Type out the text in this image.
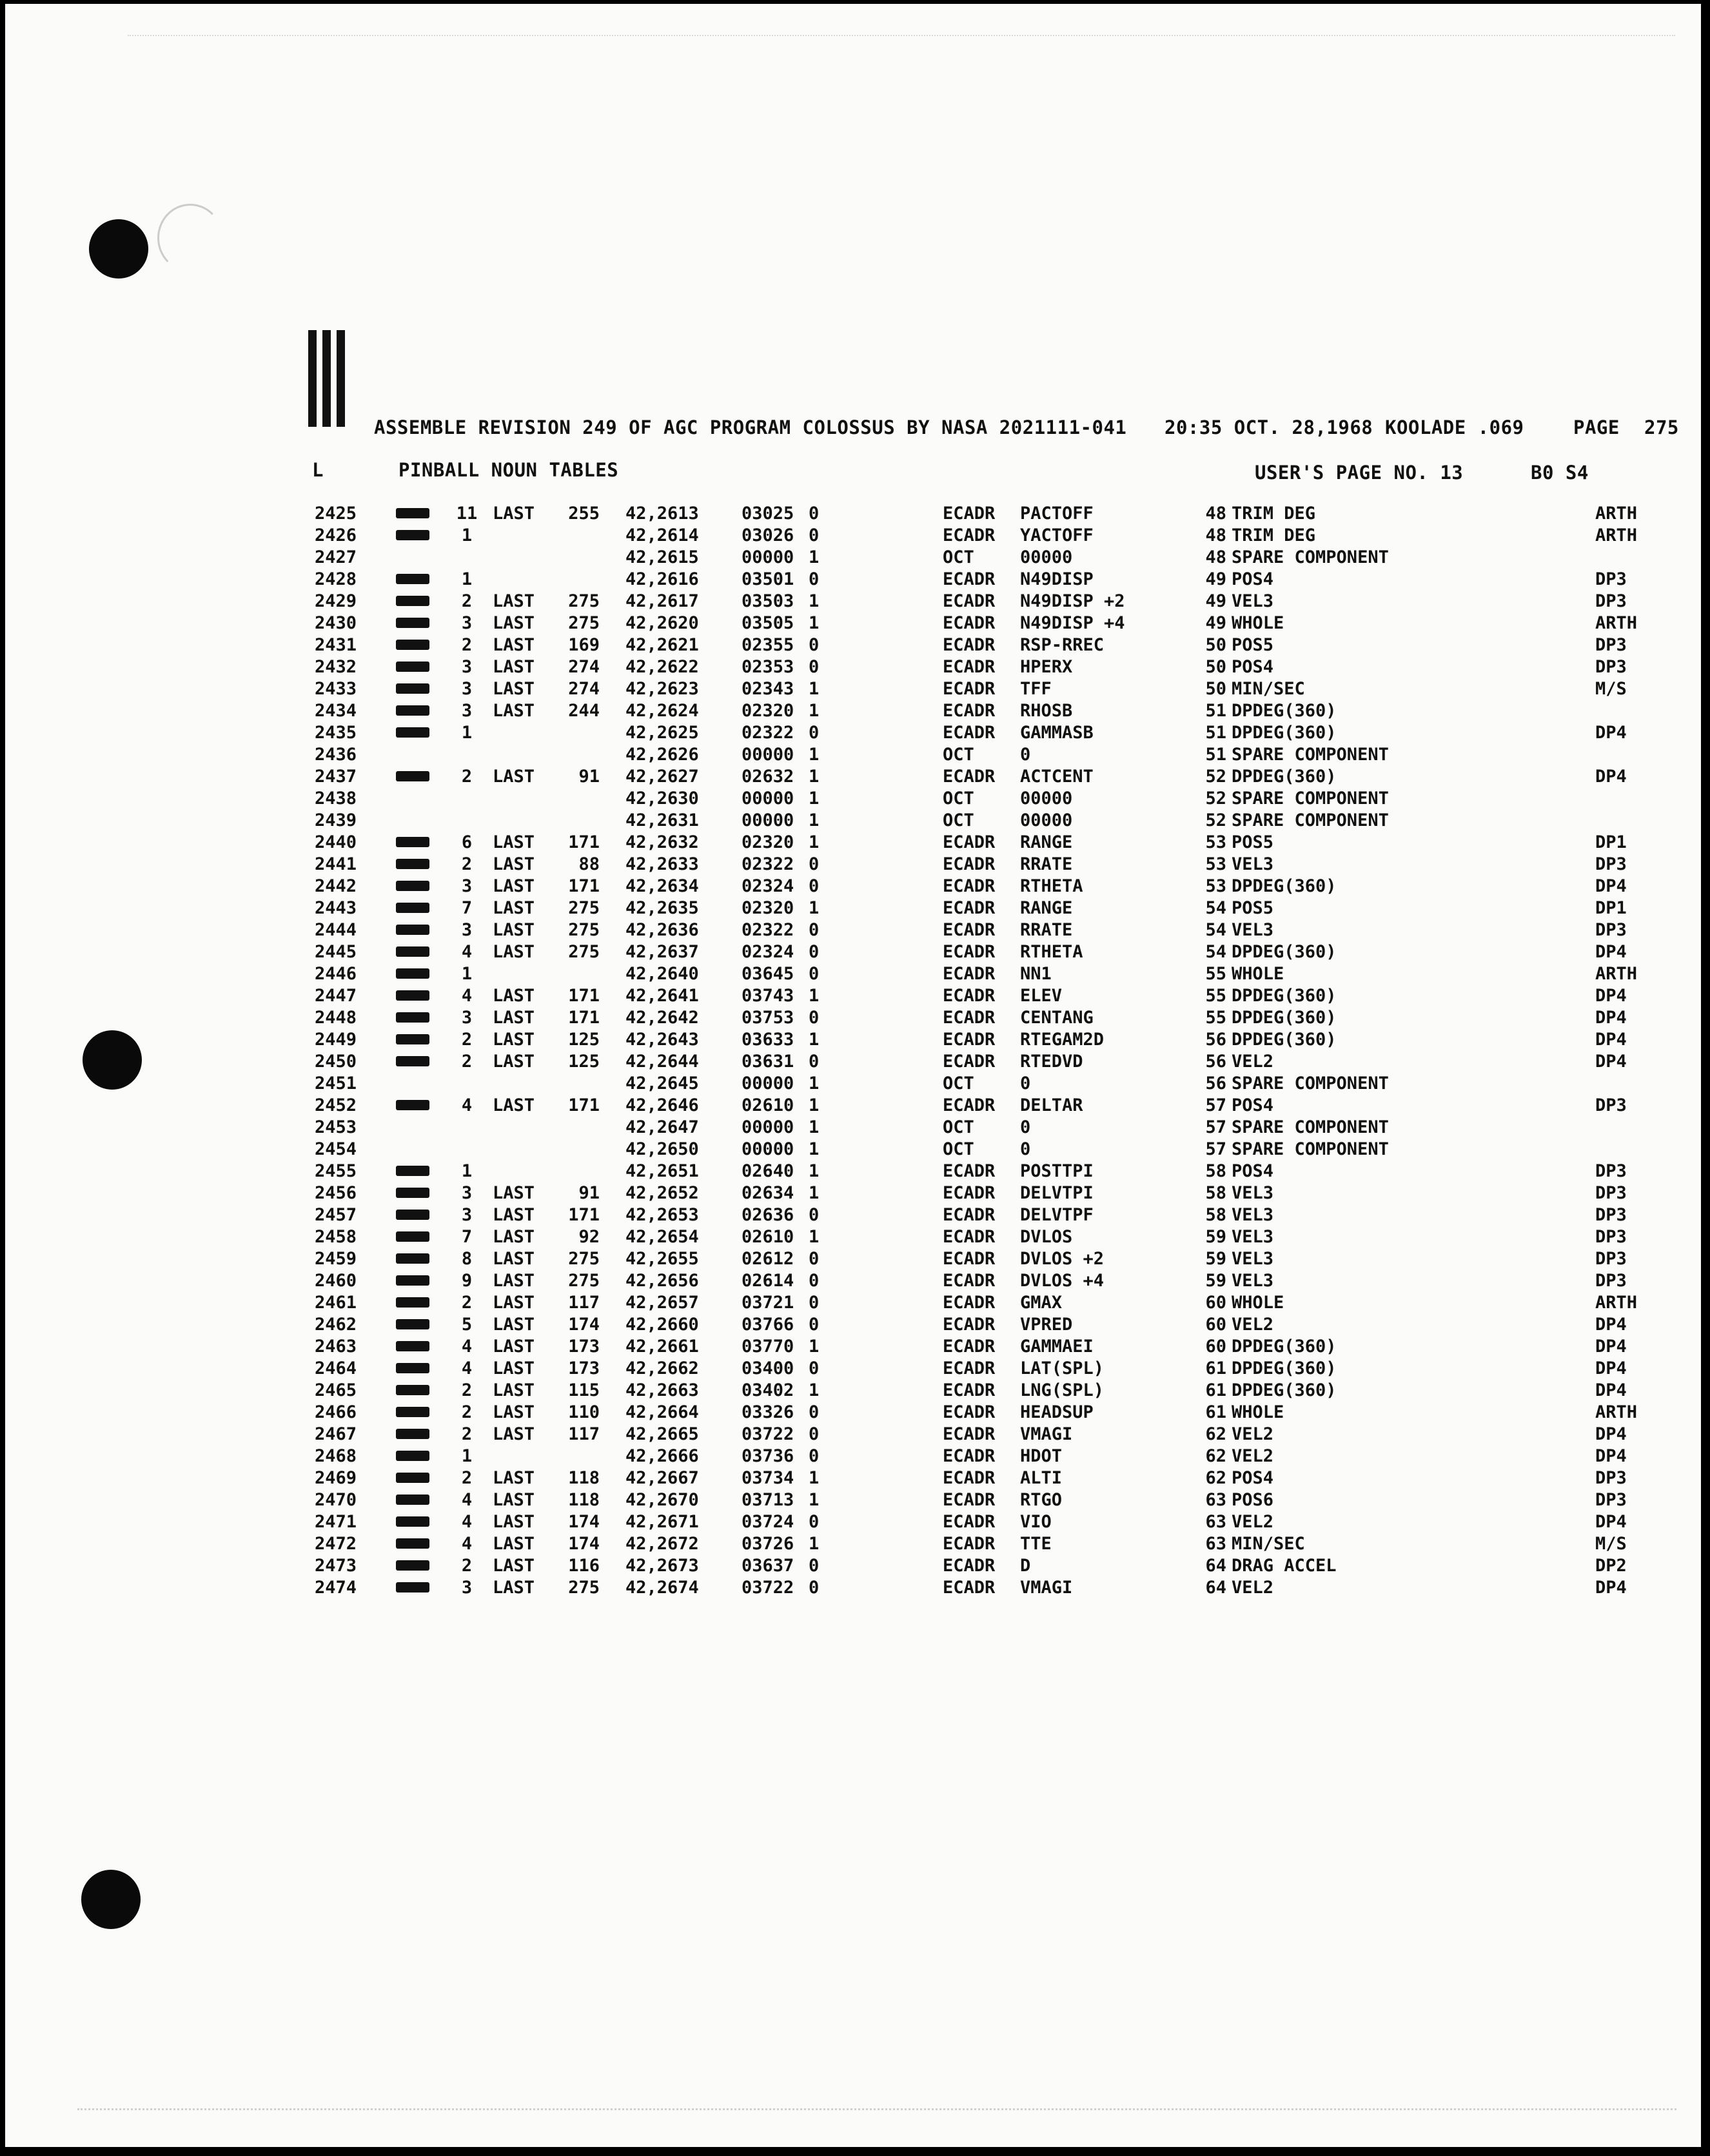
ASSEMBLE REVISION 249 OF AGC PROGRAM COLOSSUS BY NASA 2021111-041 20:35 OCT. 28,1968 KOOLADE .069	PAGE 275
L	PINBALL NOUN TABLES	USER'S PAGE NO. 13	B0 S4
2425	11 LAST	255 42,2613 03025 0	ECADR PACTOFF	48 TRIM DEG	ARTH
2426	1	42,2614 03026 0	ECADR YACTOFF	48 TRIM DEG	ARTH
2427	42,2615 00000 1	OCT	00000	48 SPARE COMPONENT
2428	1	42,2616 03501 0	ECADR N49DISP	49 POS4	DP3
2429	2	LAST	275 42,2617 03503 1	ECADR N49DISP +2	49 VEL3	DP3
2430	3	LAST	275 42,2620 03505 1	ECADR N49DISP +4	49 WHOLE	ARTH
2431	2	LAST	169 42,2621 02355 0	ECADR RSP-RREC	50 POS5	DP3
2432	3	LAST	274 42,2622 02353 0	ECADR HPERX	50 POS4	DP3
2433	3	LAST	274 42,2623 02343 1	ECADR TFF	50 MIN/SEC	M/S
2434	3	LAST	244 42,2624 02320 1	ECADR RHOSB	51 DPDEG(360)
2435	1	42,2625 02322 0	ECADR GAMMASB	51 DPDEG(360)	DP4
2436	42,2626 00000 1	OCT	0	51 SPARE COMPONENT
2437	2	LAST	91 42,2627 02632 1	ECADR ACTCENT	52 DPDEG(360)	DP4
2438	42,2630 00000 1	OCT	00000	52 SPARE COMPONENT
2439	42,2631 00000 1	OCT	00000	52 SPARE COMPONENT
2440	6	LAST	171 42,2632 02320 1	ECADR RANGE	53 POS5	DP1
2441	2	LAST	88 42,2633 02322 0	ECADR RRATE	53 VEL3	DP3
2442	3	LAST	171 42,2634 02324 0	ECADR RTHETA	53 DPDEG(360)	DP4
2443	7	LAST	275 42,2635 02320 1	ECADR RANGE	54 POS5	DP1
2444	3	LAST	275 42,2636 02322 0	ECADR RRATE	54 VEL3	DP3
2445	4	LAST	275 42,2637 02324 0	ECADR RTHETA	54 DPDEG(360)	DP4
2446	1	42,2640 03645 0	ECADR NN1	55 WHOLE	ARTH
2447	4	LAST	171 42,2641 03743 1	ECADR ELEV	55 DPDEG(360)	DP4
2448	3	LAST	171 42,2642 03753 0	ECADR CENTANG	55 DPDEG(360)	DP4
2449	2	LAST	125 42,2643 03633 1	ECADR RTEGAM2D	56 DPDEG(360)	DP4
2450	2	LAST	125 42,2644 03631 0	ECADR RTEDVD	56 VEL2	DP4
2451	42,2645 00000 1	OCT	0	56 SPARE COMPONENT
2452	4	LAST	171 42,2646 02610 1	ECADR DELTAR	57 POS4	DP3
2453	42,2647 00000 1	OCT	0	57 SPARE COMPONENT
2454	42,2650 00000 1	OCT	0	57 SPARE COMPONENT
2455	1	42,2651 02640 1	ECADR POSTTPI	58 POS4	DP3
2456	3	LAST	91 42,2652 02634 1	ECADR DELVTPI	58 VEL3	DP3
2457	3	LAST	171 42,2653 02636 0	ECADR DELVTPF	58 VEL3	DP3
2458	7	LAST	92 42,2654 02610 1	ECADR DVLOS	59 VEL3	DP3
2459	8	LAST	275 42,2655 02612 0	ECADR DVLOS +2	59 VEL3	DP3
2460	9	LAST	275 42,2656 02614 0	ECADR DVLOS +4	59 VEL3	DP3
2461	2	LAST	117 42,2657 03721 0	ECADR GMAX	60 WHOLE	ARTH
2462	5	LAST	174 42,2660 03766 0	ECADR VPRED	60 VEL2	DP4
2463	4	LAST	173 42,2661 03770 1	ECADR GAMMAEI	60 DPDEG(360)	DP4
2464	4	LAST	173 42,2662 03400 0	ECADR LAT(SPL)	61 DPDEG(360)	DP4
2465	2	LAST	115 42,2663 03402 1	ECADR LNG(SPL)	61 DPDEG(360)	DP4
2466	2	LAST	110 42,2664 03326 0	ECADR HEADSUP	61 WHOLE	ARTH
2467	2	LAST	117 42,2665 03722 0	ECADR VMAGI	62 VEL2	DP4
2468	1	42,2666 03736 0	ECADR HDOT	62 VEL2	DP4
2469	2	LAST	118 42,2667 03734 1	ECADR ALTI	62 POS4	DP3
2470	4	LAST	118 42,2670 03713 1	ECADR RTGO	63 POS6	DP3
2471	4	LAST	174 42,2671 03724 0	ECADR VIO	63 VEL2	DP4
2472	4	LAST	174 42,2672 03726 1	ECADR TTE	63 MIN/SEC	M/S
2473	2	LAST	116 42,2673 03637 0	ECADR D	64 DRAG ACCEL	DP2
2474	3	LAST	275 42,2674 03722 0	ECADR VMAGI	64 VEL2	DP4
